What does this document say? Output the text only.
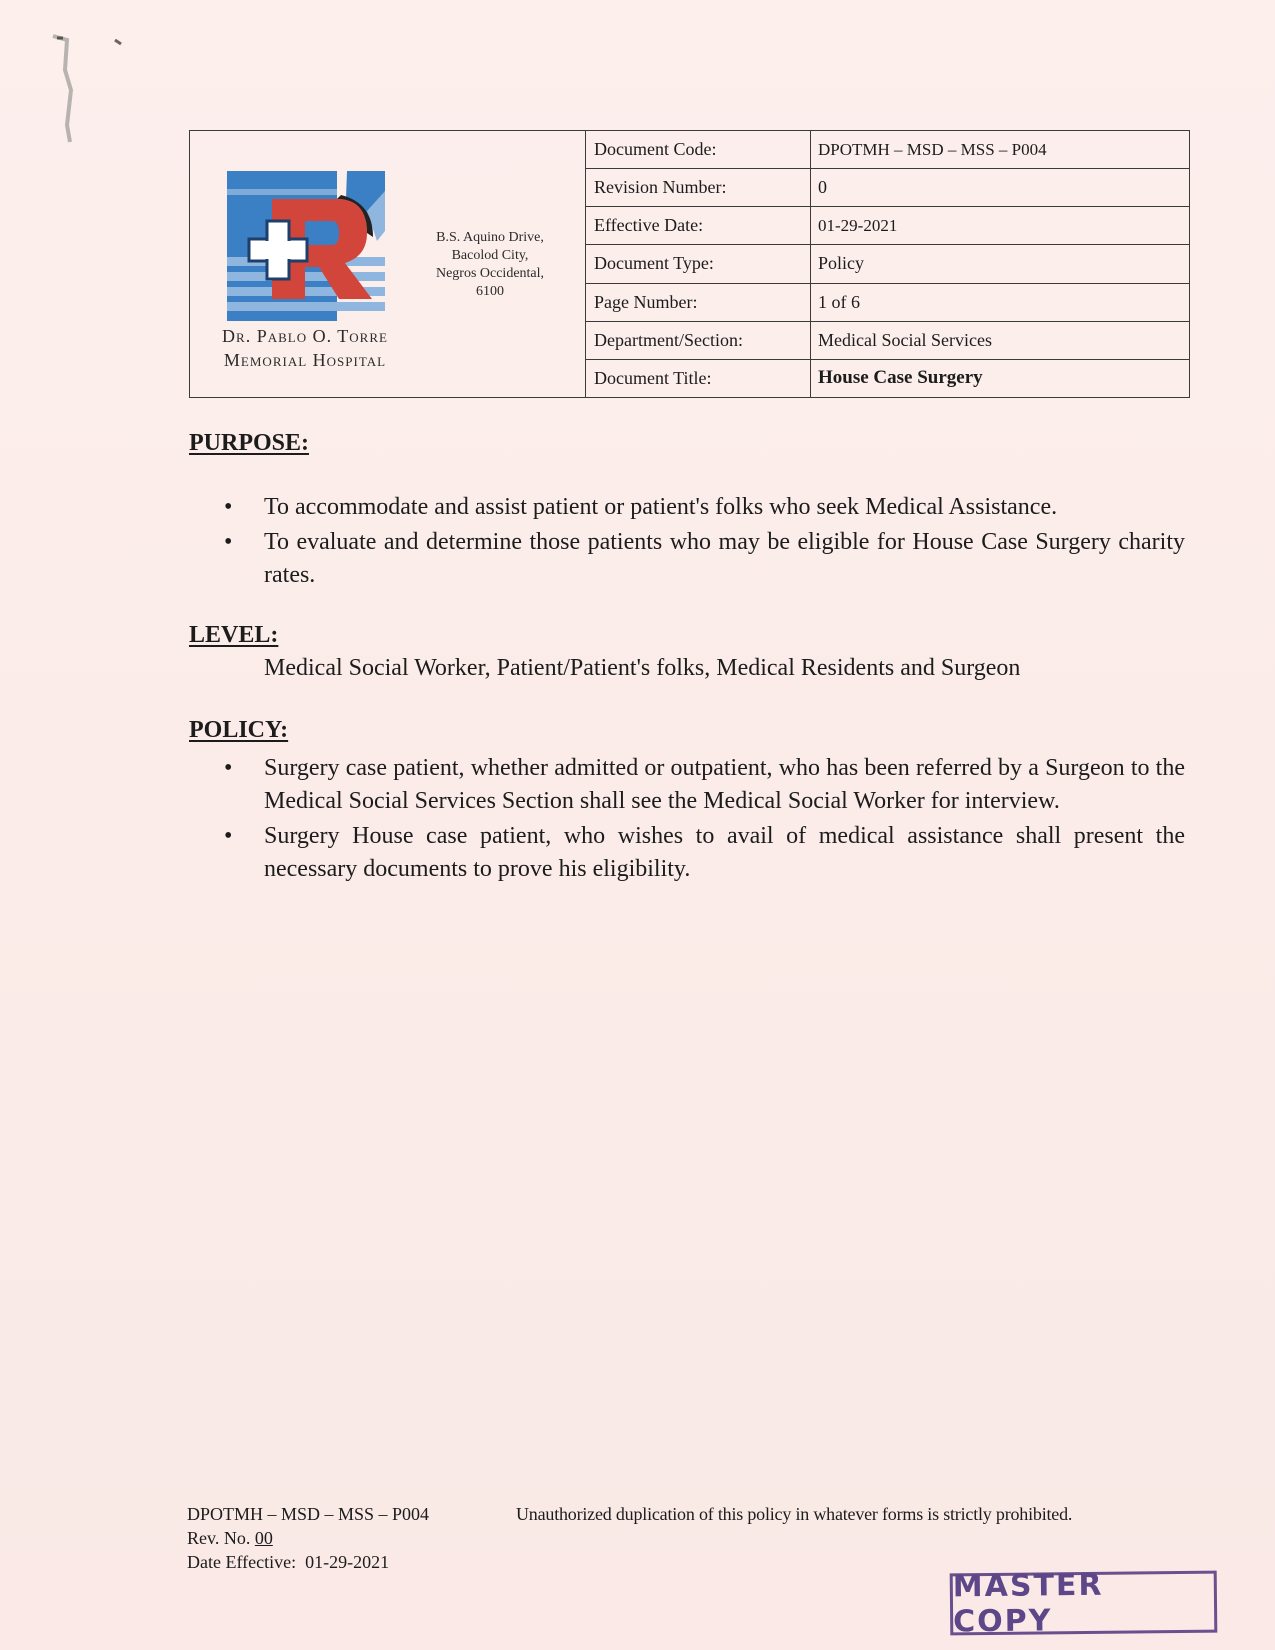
Dr. Pablo O. Torre
Memorial Hospital
B.S. Aquino Drive,
Bacolod City,
Negros Occidental,
6100
Document Code:	DPOTMH – MSD – MSS – P004
Revision Number:	0
Effective Date:	01-29-2021
Document Type:	Policy
Page Number:	1 of 6
Department/Section:	Medical Social Services
Document Title:	House Case Surgery
PURPOSE:
• To accommodate and assist patient or patient's folks who seek Medical Assistance.
• To evaluate and determine those patients who may be eligible for House Case Surgery charity rates.
LEVEL:
Medical Social Worker, Patient/Patient's folks, Medical Residents and Surgeon
POLICY:
• Surgery case patient, whether admitted or outpatient, who has been referred by a Surgeon to the Medical Social Services Section shall see the Medical Social Worker for interview.
• Surgery House case patient, who wishes to avail of medical assistance shall present the necessary documents to prove his eligibility.
DPOTMH – MSD – MSS – P004
Rev. No. 00
Date Effective:  01-29-2021
Unauthorized duplication of this policy in whatever forms is strictly prohibited.
MASTER COPY
